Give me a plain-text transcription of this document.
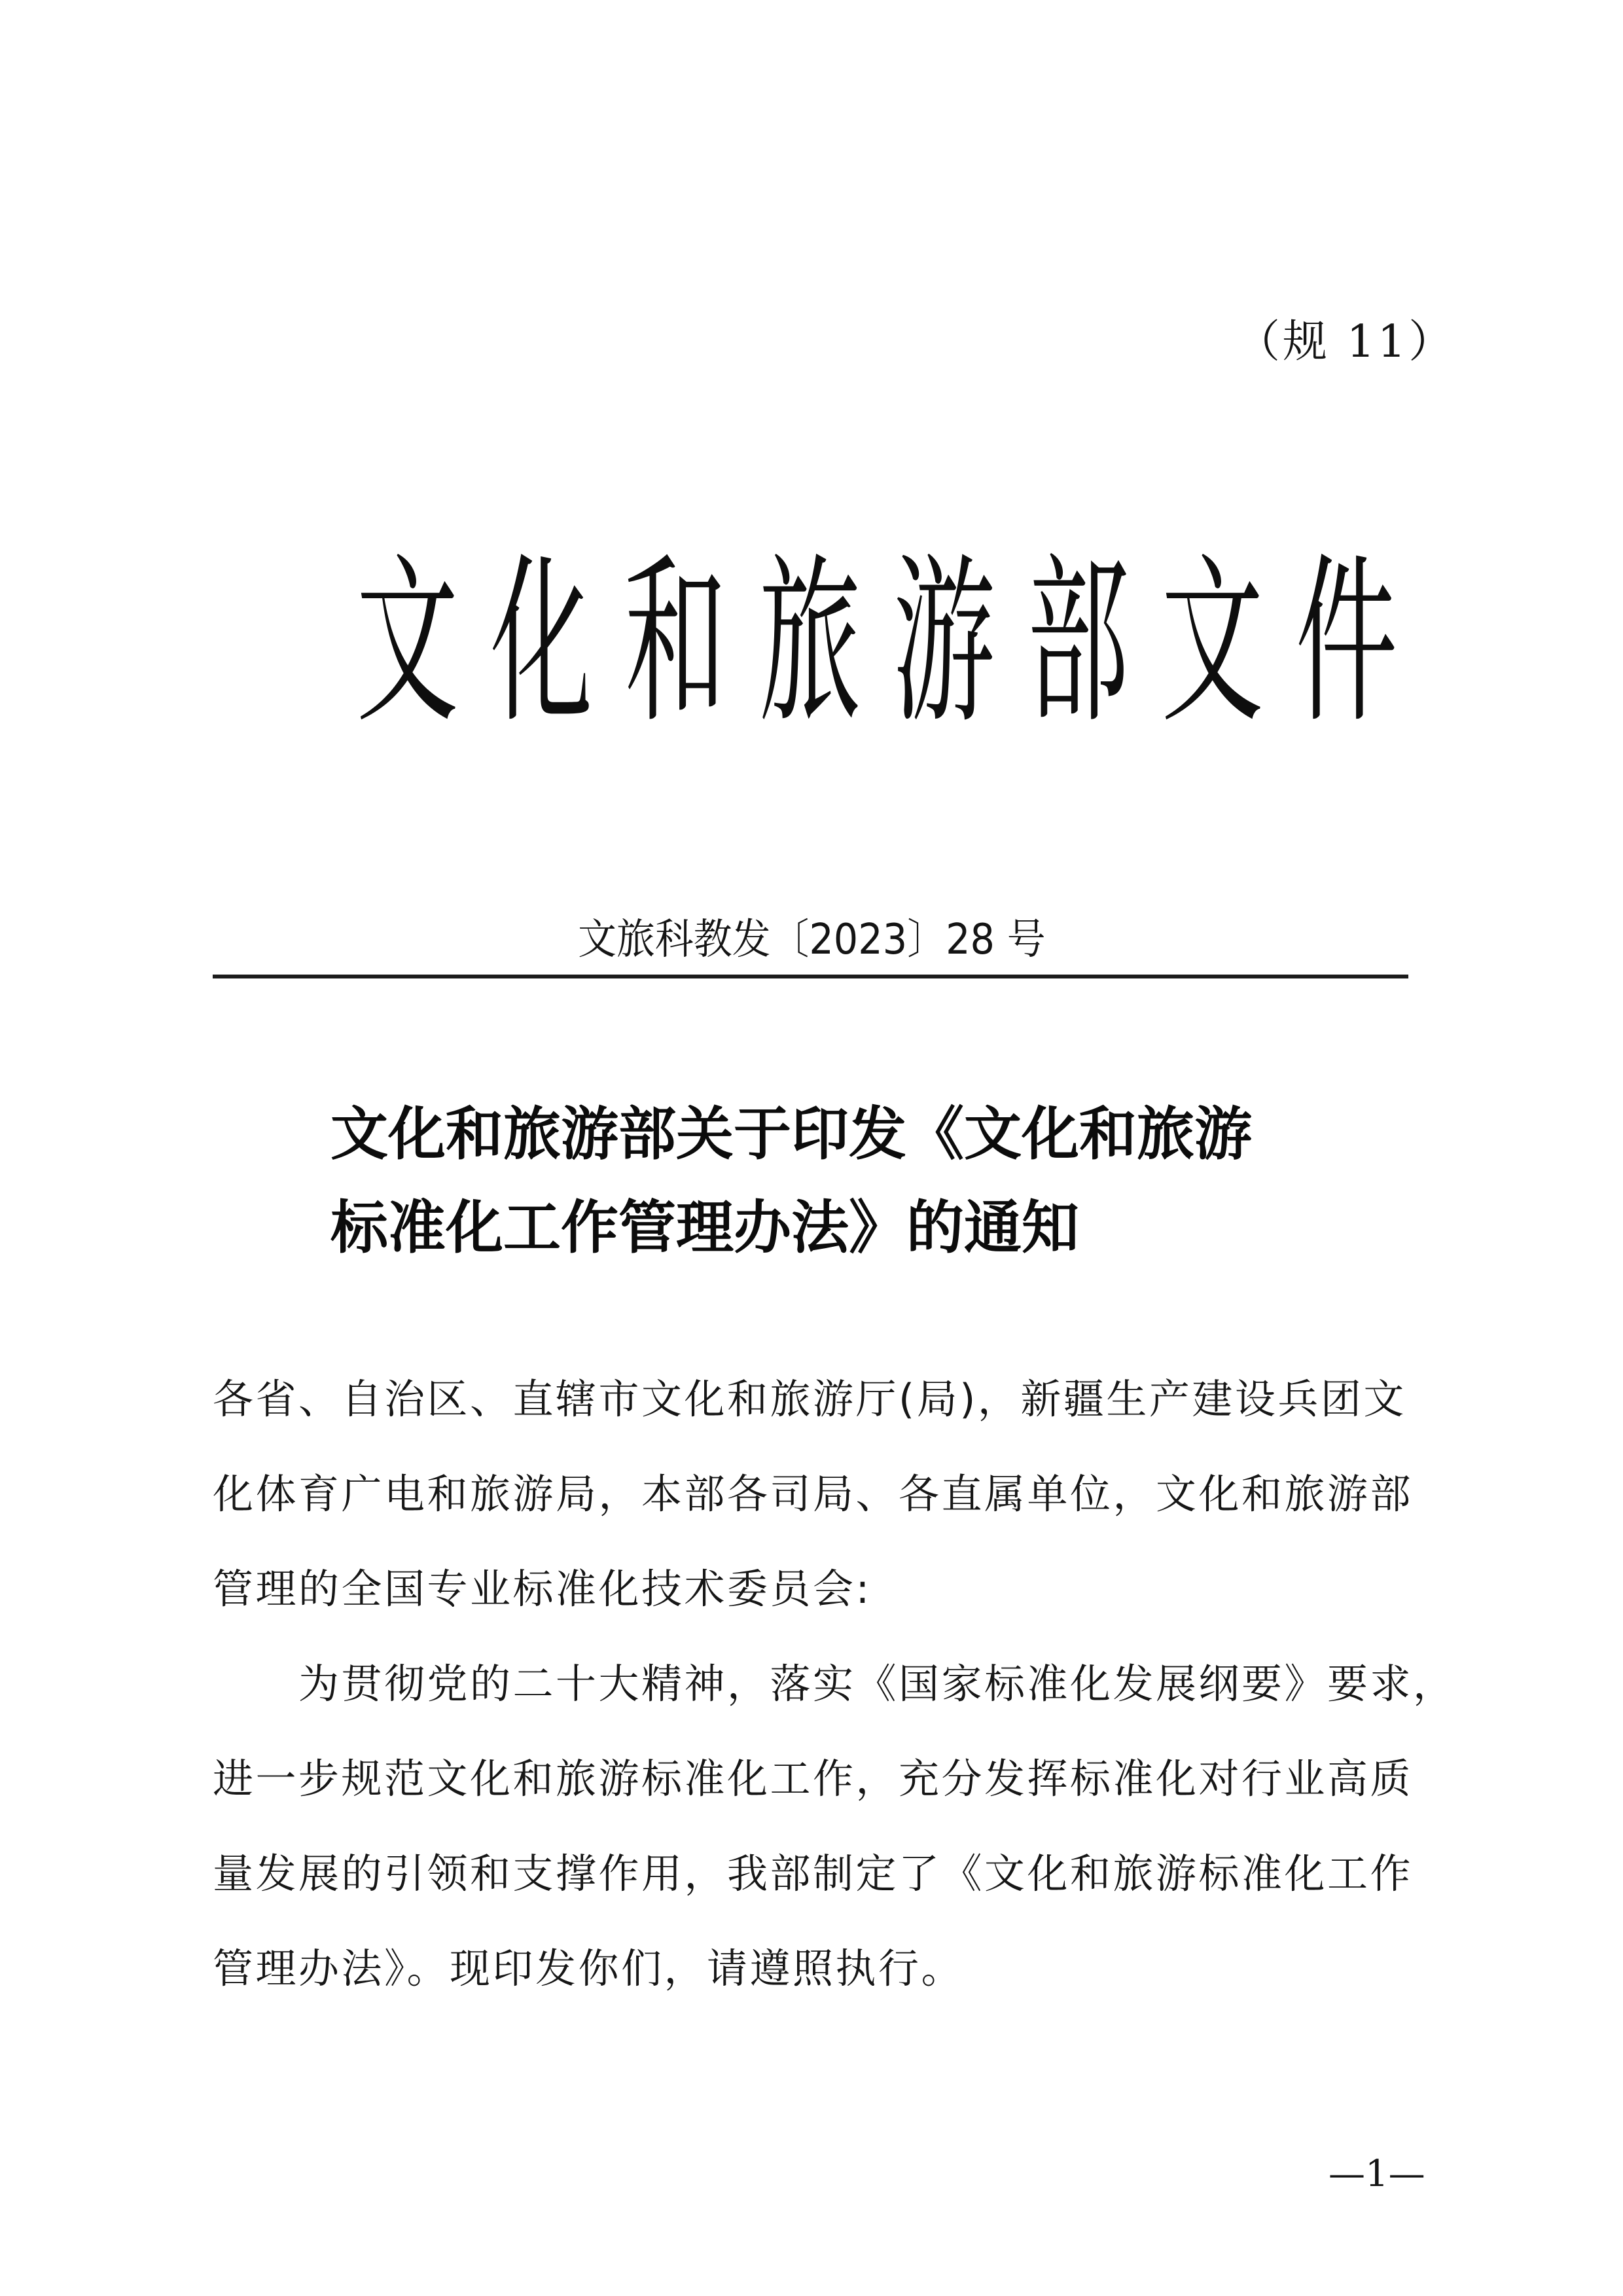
（规 11）
文 化 和 旅 游 部 文 件
文旅科教发〔2023〕28 号
文化和旅游部关于印发《文化和旅游
标准化工作管理办法》的通知
各省、自治区、直辖市文化和旅游厅(局)，新疆生产建设兵团文
化体育广电和旅游局，本部各司局、各直属单位，文化和旅游部
管理的全国专业标准化技术委员会:
为贯彻党的二十大精神，落实《国家标准化发展纲要》要求，
进一步规范文化和旅游标准化工作，充分发挥标准化对行业高质
量发展的引领和支撑作用，我部制定了《文化和旅游标准化工作
管理办法》。现印发你们，请遵照执行。
—1—
